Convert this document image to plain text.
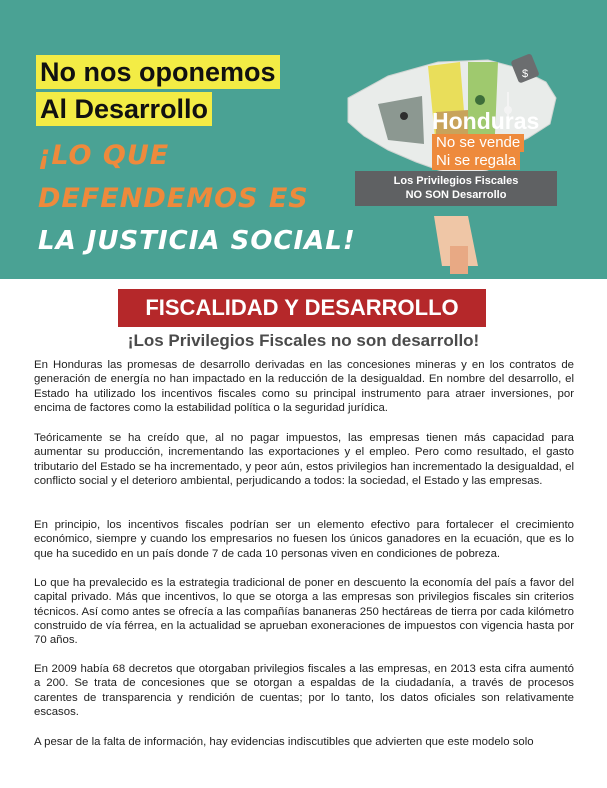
No nos oponemos
Al Desarrollo
¡LO QUE
DEFENDEMOS ES
LA JUSTICIA SOCIAL!
$
Honduras
No se vende
Ni se regala
Los Privilegios Fiscales
NO SON Desarrollo
FISCALIDAD Y DESARROLLO
¡Los Privilegios Fiscales no son desarrollo!
En Honduras las promesas de desarrollo derivadas en las concesiones mineras y en los contratos de generación de energía no han impactado en la reducción de la desigualdad. En nombre del desarrollo, el Estado ha utilizado los incentivos fiscales como su principal instrumento para atraer inversiones, por encima de factores como la estabilidad política o la seguridad jurídica.
Teóricamente se ha creído que, al no pagar impuestos, las empresas tienen más capacidad para aumentar su producción, incrementando las exportaciones y el empleo. Pero como resultado, el gasto tributario del Estado se ha incrementado, y peor aún, estos privilegios han incrementado la desigualdad, el conflicto social y el deterioro ambiental, perjudicando a todos: la sociedad, el Estado y las empresas.
En principio, los incentivos fiscales podrían ser un elemento efectivo para fortalecer el crecimiento económico, siempre y cuando los empresarios no fuesen los únicos ganadores en la ecuación, que es lo que ha sucedido en un país donde 7 de cada 10 personas viven en condiciones de pobreza.
Lo que ha prevalecido es la estrategia tradicional de poner en descuento la economía del país a favor del capital privado. Más que incentivos, lo que se otorga a las empresas son privilegios fiscales sin criterios técnicos. Así como antes se ofrecía a las compañías bananeras 250 hectáreas de tierra por cada kilómetro construido de vía férrea, en la actualidad se aprueban exoneraciones de impuestos con vigencia hasta por 70 años.
En 2009 había 68 decretos que otorgaban privilegios fiscales a las empresas, en 2013 esta cifra aumentó a 200. Se trata de concesiones que se otorgan a espaldas de la ciudadanía, a través de procesos carentes de transparencia y rendición de cuentas; por lo tanto, los datos oficiales son relativamente escasos.
A pesar de la falta de información, hay evidencias indiscutibles que advierten que este modelo solo
